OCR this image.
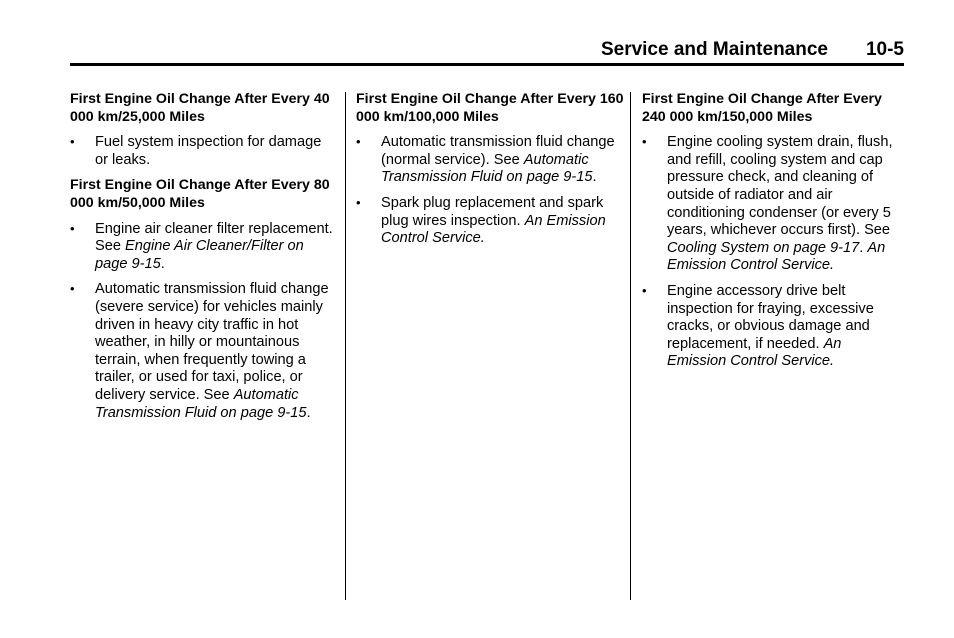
Service and Maintenance 10-5
First Engine Oil Change After Every 40 000 km/25,000 Miles
• Fuel system inspection for damage or leaks.
First Engine Oil Change After Every 80 000 km/50,000 Miles
• Engine air cleaner filter replacement. See Engine Air Cleaner/Filter on page 9-15.
• Automatic transmission fluid change (severe service) for vehicles mainly driven in heavy city traffic in hot weather, in hilly or mountainous terrain, when frequently towing a trailer, or used for taxi, police, or delivery service. See Automatic Transmission Fluid on page 9-15.
First Engine Oil Change After Every 160 000 km/100,000 Miles
• Automatic transmission fluid change (normal service). See Automatic Transmission Fluid on page 9-15.
• Spark plug replacement and spark plug wires inspection. An Emission Control Service.
First Engine Oil Change After Every 240 000 km/150,000 Miles
• Engine cooling system drain, flush, and refill, cooling system and cap pressure check, and cleaning of outside of radiator and air conditioning condenser (or every 5 years, whichever occurs first). See Cooling System on page 9-17. An Emission Control Service.
• Engine accessory drive belt inspection for fraying, excessive cracks, or obvious damage and replacement, if needed. An Emission Control Service.
